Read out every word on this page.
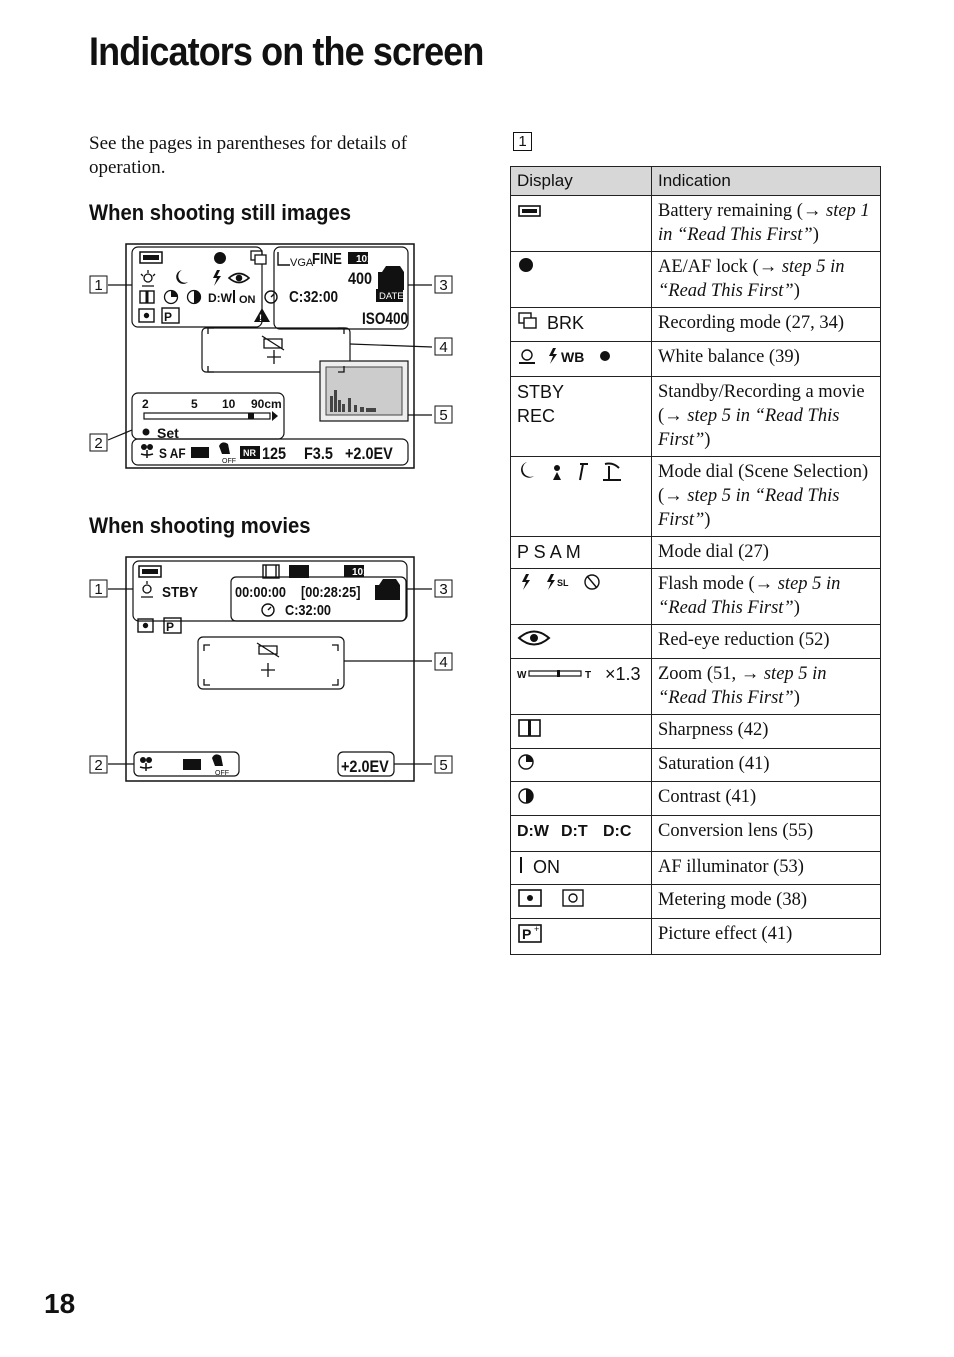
Indicators on the screen
See the pages in parentheses for details of operation.
When shooting still images
When shooting movies
1
1
2
3
4
5
VGA
FINE 101
400
D:W ON C:32:00	DATE
P	!	ISO400
2	5 10 90cm
Set
S AF
OFF
NR 125 F3.5 +2.0EV
1
2
3
4
5
101
STBY 00:00:00 [00:28:25]
C:32:00
P
OFF	+2.0EV
Display	Indication
	Battery remaining (→ step 1 in “Read This First”)
	AE/AF lock (→ step 5 in “Read This First”)
BRK	Recording mode (27, 34)

WB	White balance (39)
STBY
REC	Standby/Recording a movie (→ step 5 in “Read This First”)
	Mode dial (Scene Selection) (→ step 5 in “Read This First”)
P S A M	Mode dial (27)

SL	Flash mode (→ step 5 in “Read This First”)
	Red-eye reduction (52)

W T ×1.3	Zoom (51, → step 5 in “Read This First”)
	Sharpness (42)
	Saturation (41)
	Contrast (41)

D:W D:T D:C	Conversion lens (55)
ON	AF illuminator (53)
	Metering mode (38)

P +	Picture effect (41)
18
